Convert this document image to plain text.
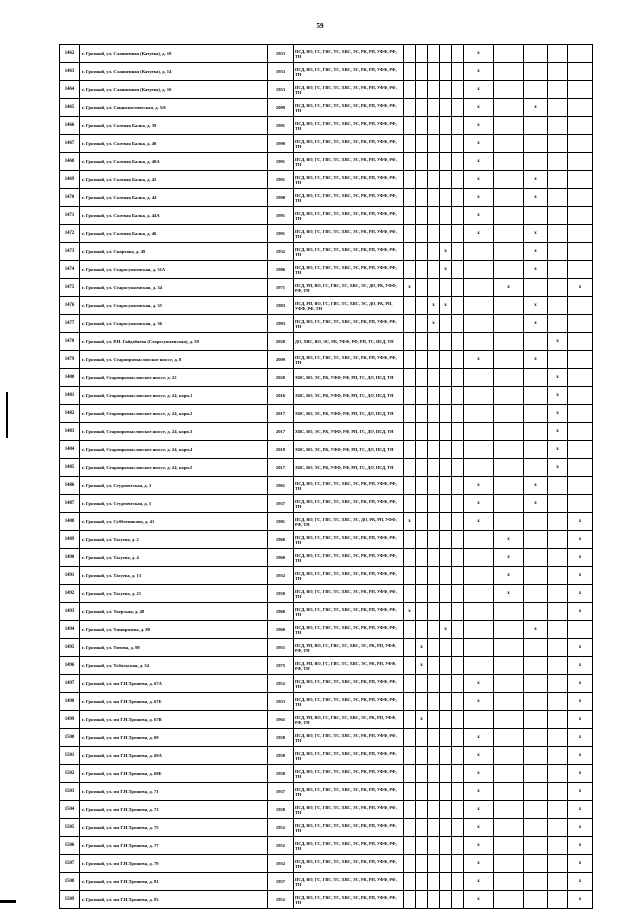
59
1462	г. Грозный, ул. Сланненная (Катуева), д. 10	1953	ПСД, ВО, ГС, ГВС, ТС, ХВС, ЭС, РК, РП, УФФ, РФ, ТН						x				
1463	г. Грозный, ул. Сланненная (Катуева), д. 14	1953	ПСД, ВО, ГС, ГВС, ТС, ХВС, ЭС, РК, РП, УФФ, РФ, ТН						x				
1464	г. Грозный, ул. Сланненная (Катуева), д. 16	1953	ПСД, ВО, ГС, ГВС, ТС, ХВС, ЭС, РК, РП, УФФ, РФ, ТН						x				
1465	г. Грозный, ул. Социалистическая, д. 5/6	2009	ПСД, ВО, ГС, ГВС, ТС, ХВС, ЭС, РК, РП, УФФ, РФ, ТН						x		x		
1466	г. Грозный, ул. Солевая Балка, д. 39	1991	ПСД, ВО, ГС, ГВС, ТС, ХВС, ЭС, РК, РП, УФФ, РФ, ТН						x				
1467	г. Грозный, ул. Солевая Балка, д. 40	1990	ПСД, ВО, ГС, ГВС, ТС, ХВС, ЭС, РК, РП, УФФ, РФ, ТН						x				
1468	г. Грозный, ул. Солевая Балка, д. 40А	1991	ПСД, ВО, ГС, ГВС, ТС, ХВС, ЭС, РК, РП, УФФ, РФ, ТН						x				
1469	г. Грозный, ул. Солевая Балка, д. 42	1991	ПСД, ВО, ГС, ГВС, ТС, ХВС, ЭС, РК, РП, УФФ, РФ, ТН						x		x		
1470	г. Грозный, ул. Солевая Балка, д. 44	1990	ПСД, ВО, ГС, ГВС, ТС, ХВС, ЭС, РК, РП, УФФ, РФ, ТН						x		x		
1471	г. Грозный, ул. Солевая Балка, д. 44А	1991	ПСД, ВО, ГС, ГВС, ТС, ХВС, ЭС, РК, РП, УФФ, РФ, ТН						x				
1472	г. Грозный, ул. Солевая Балка, д. 46	1991	ПСД, ВО, ГС, ГВС, ТС, ХВС, ЭС, РК, РП, УФФ, РФ, ТН						x		x		
1473	г. Грозный, ул. Спартака, д. 49	1932	ПСД, ВО, ГС, ГВС, ТС, ХВС, ЭС, РК, РП, УФФ, РФ, ТН				x				x		
1474	г. Грозный, ул. Старосунженская, д. 31А	1986	ПСД, ВО, ГС, ГВС, ТС, ХВС, ЭС, РК, РП, УФФ, РФ, ТН				x				x		
1475	г. Грозный, ул. Старосунженская, д. 34	1971	ПСД, РП, ВО, ГС, ГВС, ТС, ХВС, ЭС, ДО, РК, УФФ, РФ, ТН	x						x			x
1476	г. Грозный, ул. Старосунженская, д. 35	1983	ПСД, РП, ВО, ГС, ГВС, ТС, ХВС, ЭС, ДО, РК, РП, УФФ, РФ, ТН			x	x				x		
1477	г. Грозный, ул. Старосунженская, д. 36	1983	ПСД, ВО, ГС, ГВС, ТС, ХВС, ЭС, РК, РП, УФФ, РФ, ТН			x					x		
1478	г. Грозный, ул. Р.Н. Гайдабаева (Старосунженская), д. 39	2020	ДО, ХВС, ВО, ЭС, РК, УФФ, РФ, РП, ТС, ПСД, ТН									x	
1479	г. Грозный, ул. Старопромысловское шоссе, д. 8	2009	ПСД, ВО, ГС, ГВС, ТС, ХВС, ЭС, РК, РП, УФФ, РФ, ТН						x		x		
1480	г. Грозный, Старопромысловское шоссе, д. 22	2020	ХВС, ВО, ЭС, РК, УФФ, РФ, РП, ГС, ДО, ПСД, ТН									x	
1481	г. Грозный, Старопромысловское шоссе, д. 24, корп.1	2016	ХВС, ВО, ЭС, РК, УФФ, РФ, РП, ГС, ДО, ПСД, ТН									x	
1482	г. Грозный, Старопромысловское шоссе, д. 24, корп.2	2017	ХВС, ВО, ЭС, РК, УФФ, РФ, РП, ГС, ДО, ПСД, ТН									x	
1483	г. Грозный, Старопромысловское шоссе, д. 24, корп.3	2017	ХВС, ВО, ЭС, РК, УФФ, РФ, РП, ГС, ДО, ПСД, ТН									x	
1484	г. Грозный, Старопромысловское шоссе, д. 24, корп.4	2018	ХВС, ВО, ЭС, РК, УФФ, РФ, РП, ГС, ДО, ПСД, ТН									x	
1485	г. Грозный, Старопромысловское шоссе, д. 24, корп.5	2017	ХВС, ВО, ЭС, РК, УФФ, РФ, РП, ГС, ДО, ПСД, ТН									x	
1486	г. Грозный, ул. Студенческая, д. 3	1961	ПСД, ВО, ГС, ГВС, ТС, ХВС, ЭС, РК, РП, УФФ, РФ, ТН						x		x		
1487	г. Грозный, ул. Студенческая, д. 5	1957	ПСД, ВО, ГС, ГВС, ТС, ХВС, ЭС, РК, РП, УФФ, РФ, ТН						x		x		
1488	г. Грозный, ул. Субботникова, д. 41	1981	ПСД, ВО, ГС, ГВС, ТС, ХВС, ЭС, ДО, РК, РП, УФФ, РФ, ТН	x					x				x
1489	г. Грозный, ул. Тасуева, д. 2	1960	ПСД, ВО, ГС, ГВС, ТС, ХВС, ЭС, РК, РП, УФФ, РФ, ТН							x			x
1490	г. Грозный, ул. Тасуева, д. 4	1960	ПСД, ВО, ГС, ГВС, ТС, ХВС, ЭС, РК, РП, УФФ, РФ, ТН							x			x
1491	г. Грозный, ул. Тасуева, д. 13	1952	ПСД, ВО, ГС, ГВС, ТС, ХВС, ЭС, РК, РП, УФФ, РФ, ТН							x			x
1492	г. Грозный, ул. Тасуева, д. 21	1950	ПСД, ВО, ГС, ГВС, ТС, ХВС, ЭС, РК, РП, УФФ, РФ, ТН							x			x
1493	г. Грозный, ул. Тверская, д. 48	1960	ПСД, ВО, ГС, ГВС, ТС, ХВС, ЭС, РК, РП, УФФ, РФ, ТН	x									x
1494	г. Грозный, ул. Тимирязева, д. 80	1960	ПСД, ВО, ГС, ГВС, ТС, ХВС, ЭС, РК, РП, УФФ, РФ, ТН				x				x		
1495	г. Грозный, ул. Титова, д. 98	1951	ПСД, РП, ВО, ГС, ГВС, ТС, ХВС, ЭС, РК, РП, УФФ, РФ, ТН		x								x
1496	г. Грозный, ул. Тобольская, д. 54	1975	ПСД, РП, ВО, ГС, ГВС, ТС, ХВС, ЭС, РК, РП, УФФ, РФ, ТН		x								x
1497	г. Грозный, ул. им Г.Н.Трошева, д. 67А	1952	ПСД, ВО, ГС, ГВС, ТС, ХВС, ЭС, РК, РП, УФФ, РФ, ТН						x				x
1498	г. Грозный, ул. им Г.Н.Трошева, д. 67Б	1953	ПСД, ВО, ГС, ГВС, ТС, ХВС, ЭС, РК, РП, УФФ, РФ, ТН						x				x
1499	г. Грозный, ул. им Г.Н.Трошева, д. 67В	1965	ПСД, РП, ВО, ГС, ГВС, ТС, ХВС, ЭС, РК, РП, УФФ, РФ, ТН		x								x
1500	г. Грозный, ул. им Г.Н.Трошева, д. 69	1958	ПСД, ВО, ГС, ГВС, ТС, ХВС, ЭС, РК, РП, УФФ, РФ, ТН						x				x
1501	г. Грозный, ул. им Г.Н.Трошева, д. 69А	1958	ПСД, ВО, ГС, ГВС, ТС, ХВС, ЭС, РК, РП, УФФ, РФ, ТН						x				x
1502	г. Грозный, ул. им Г.Н.Трошева, д. 69Б	1958	ПСД, ВО, ГС, ГВС, ТС, ХВС, ЭС, РК, РП, УФФ, РФ, ТН						x				x
1503	г. Грозный, ул. им Г.Н.Трошева, д. 71	1957	ПСД, ВО, ГС, ГВС, ТС, ХВС, ЭС, РК, РП, УФФ, РФ, ТН						x				x
1504	г. Грозный, ул. им Г.Н.Трошева, д. 73	1958	ПСД, ВО, ГС, ГВС, ТС, ХВС, ЭС, РК, РП, УФФ, РФ, ТН						x				x
1505	г. Грозный, ул. им Г.Н.Трошева, д. 75	1952	ПСД, ВО, ГС, ГВС, ТС, ХВС, ЭС, РК, РП, УФФ, РФ, ТН						x				x
1506	г. Грозный, ул. им Г.Н.Трошева, д. 77	1952	ПСД, ВО, ГС, ГВС, ТС, ХВС, ЭС, РК, РП, УФФ, РФ, ТН						x				x
1507	г. Грозный, ул. им Г.Н.Трошева, д. 79	1952	ПСД, ВО, ГС, ГВС, ТС, ХВС, ЭС, РК, РП, УФФ, РФ, ТН						x				x
1508	г. Грозный, ул. им Г.Н.Трошева, д. 81	1957	ПСД, ВО, ГС, ГВС, ТС, ХВС, ЭС, РК, РП, УФФ, РФ, ТН						x				x
1509	г. Грозный, ул. им Г.Н.Трошева, д. 83	1952	ПСД, ВО, ГС, ГВС, ТС, ХВС, ЭС, РК, РП, УФФ, РФ, ТН						x				x
